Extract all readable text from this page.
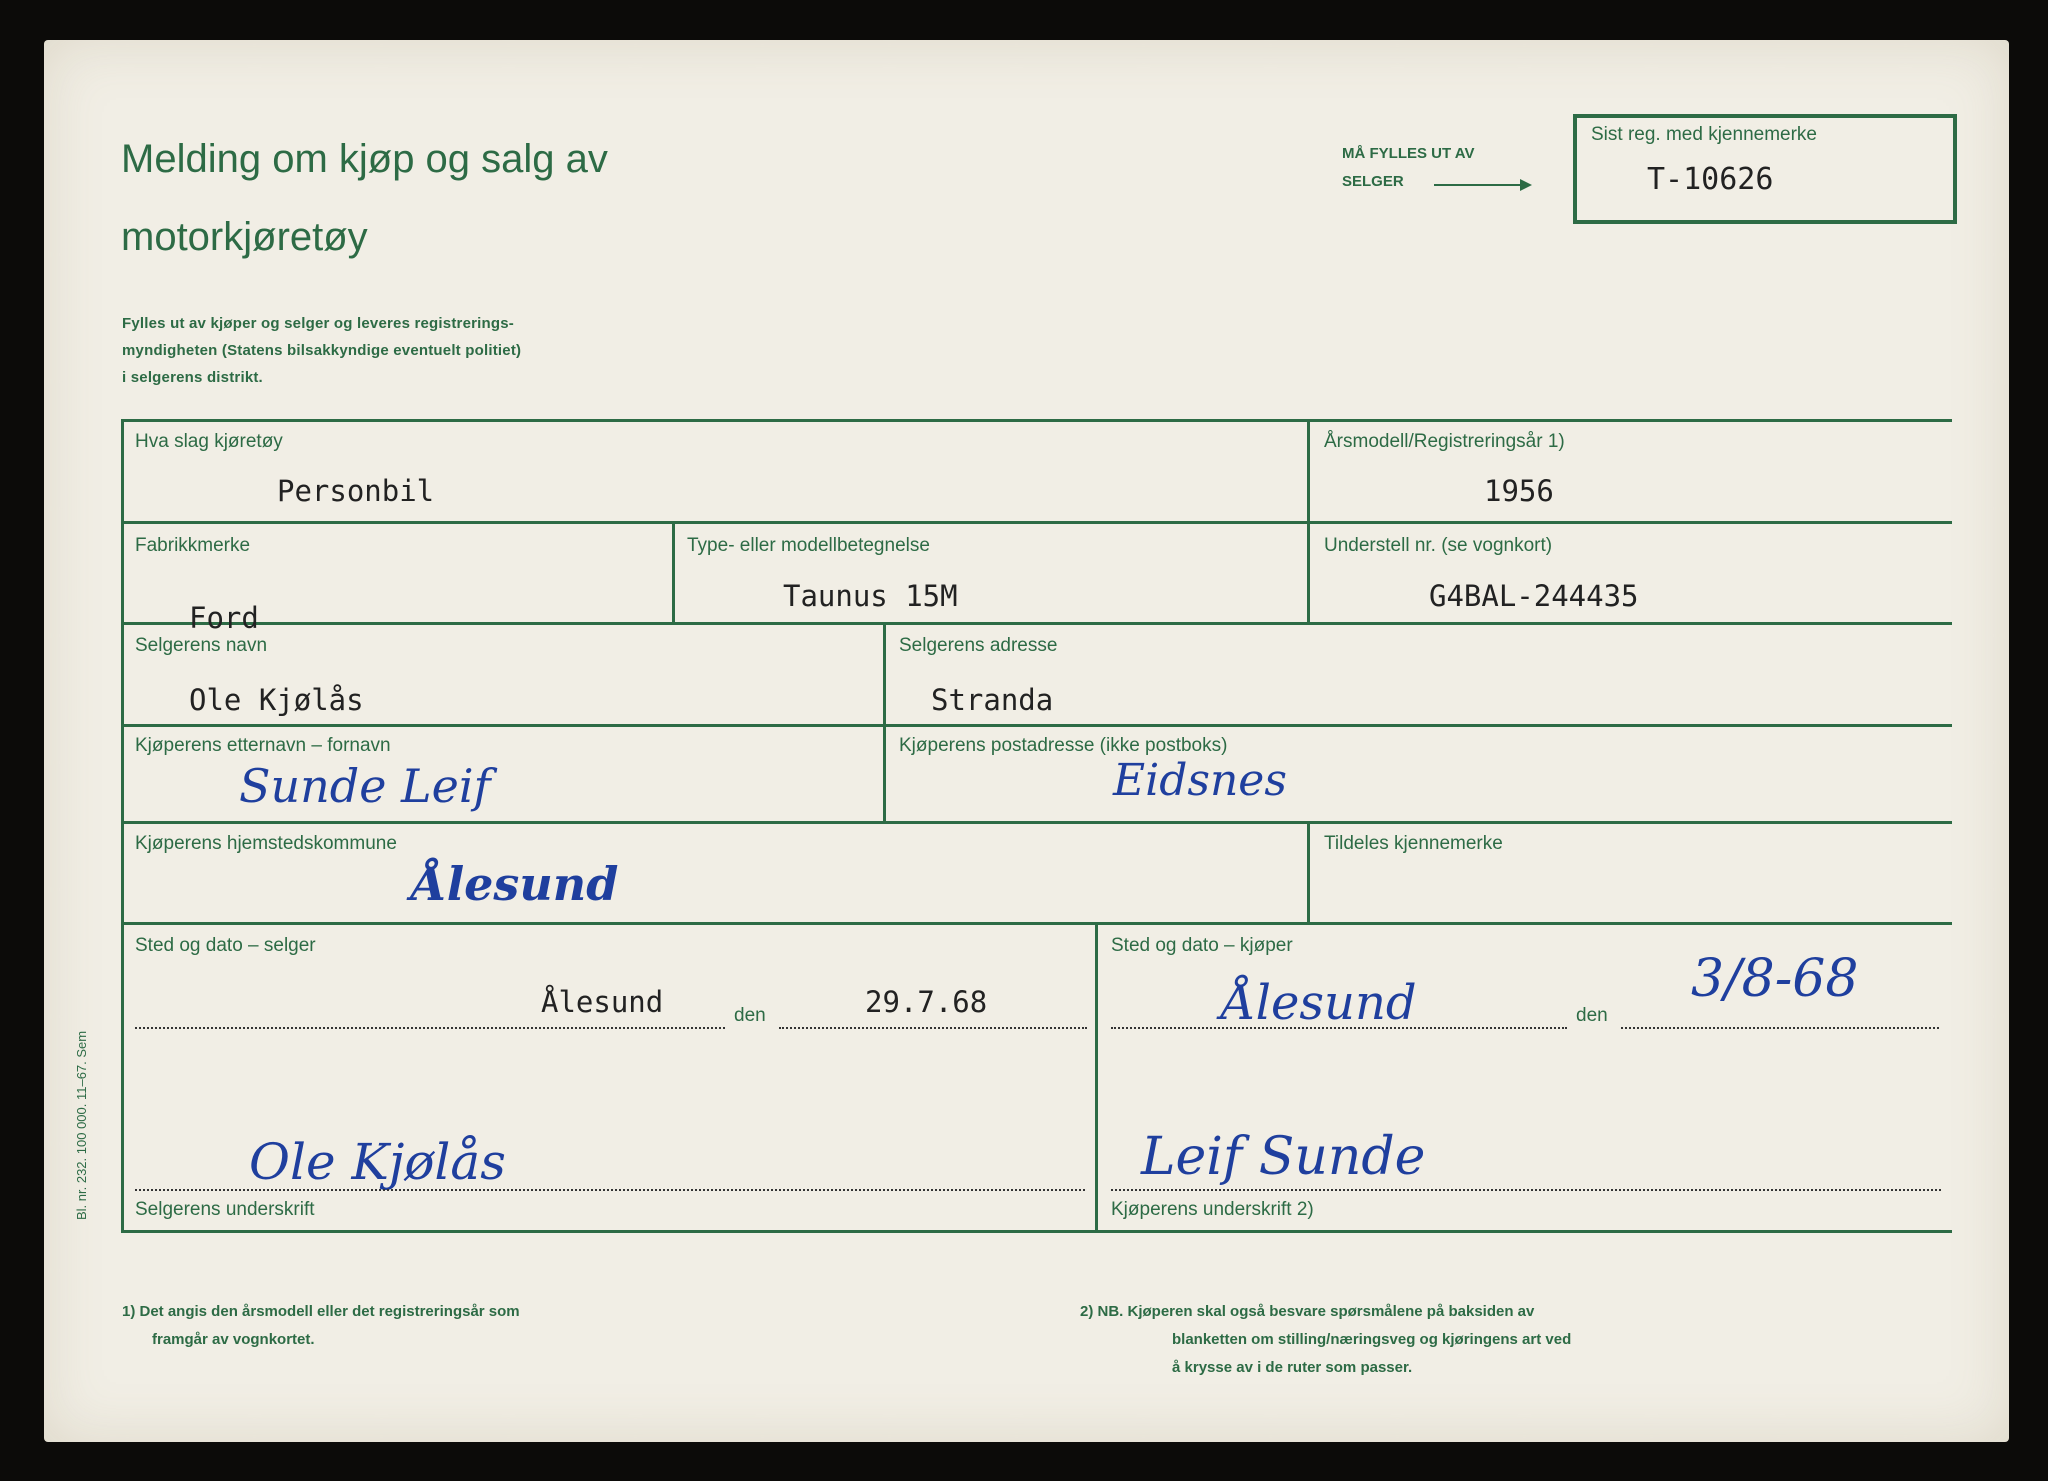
Melding om kjøp og salg av
motorkjøretøy
Fylles ut av kjøper og selger og leveres registrerings-
myndigheten (Statens bilsakkyndige eventuelt politiet)
i selgerens distrikt.
MÅ FYLLES UT AV
SELGER
Sist reg. med kjennemerke
T-10626
Hva slag kjøretøy
Personbil
Årsmodell/Registreringsår 1)
1956
Fabrikkmerke
Ford
Type- eller modellbetegnelse
Taunus 15M
Understell nr. (se vognkort)
G4BAL-244435
Selgerens navn
Ole Kjølås
Selgerens adresse
Stranda
Kjøperens etternavn – fornavn
Sunde Leif
Kjøperens postadresse (ikke postboks)
Eidsnes
Kjøperens hjemstedskommune
Ålesund
Tildeles kjennemerke
Sted og dato – selger
Ålesund	den	29.7.68
Sted og dato – kjøper
Ålesund	den
3/8-68
Ole Kjølås
Selgerens underskrift
Leif Sunde
Kjøperens underskrift 2)
Bl. nr. 232. 100 000. 11–67. Sem
1) Det angis den årsmodell eller det registreringsår som
framgår av vognkortet.
2) NB. Kjøperen skal også besvare spørsmålene på baksiden av
blanketten om stilling/næringsveg og kjøringens art ved
å krysse av i de ruter som passer.
